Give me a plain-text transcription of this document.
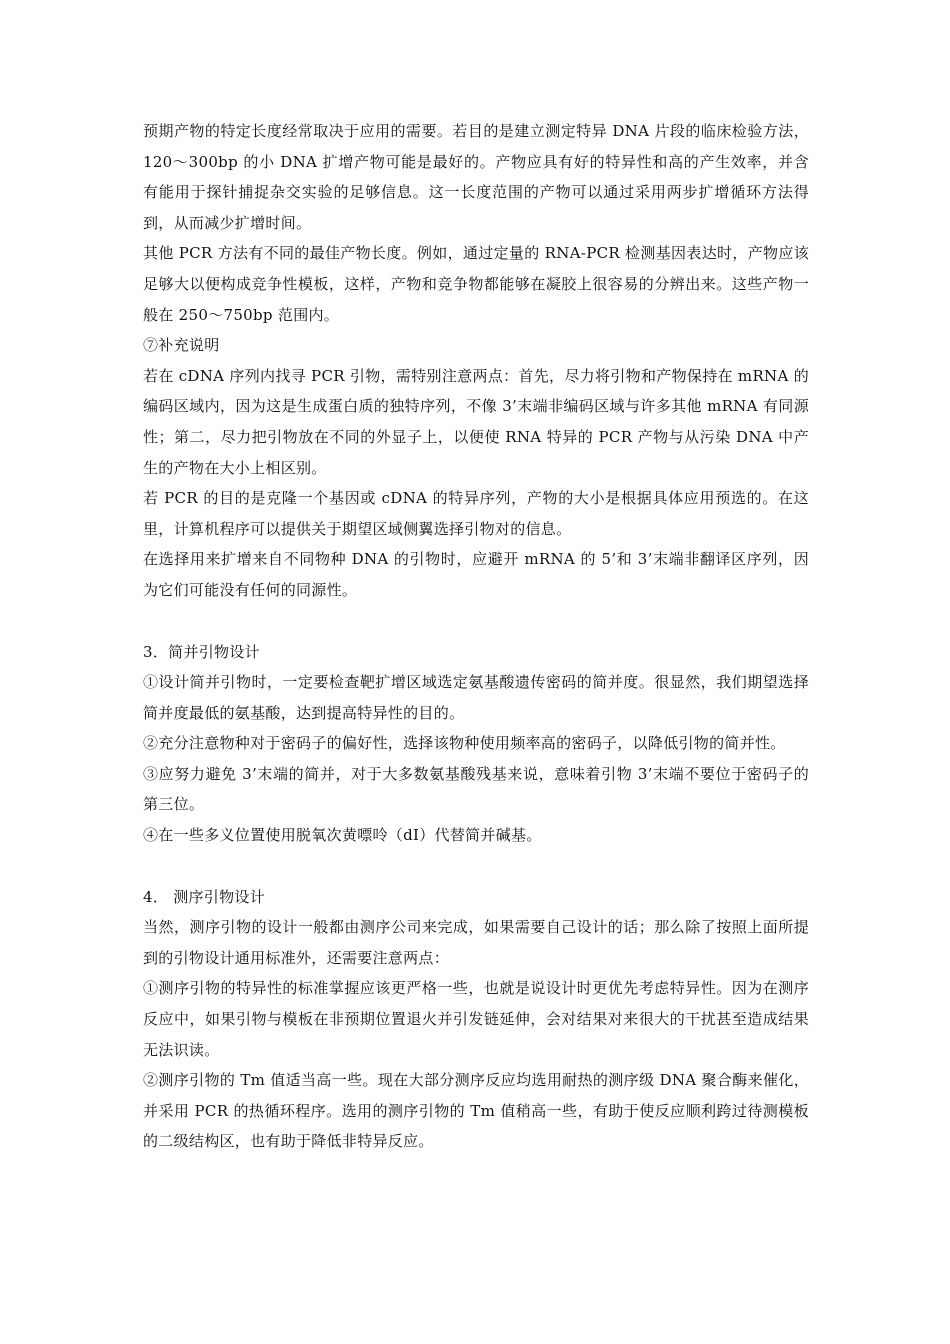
预期产物的特定长度经常取决于应用的需要。若目的是建立测定特异 DNA 片段的临床检验方法，120～300bp 的小 DNA 扩增产物可能是最好的。产物应具有好的特异性和高的产生效率，并含有能用于探针捕捉杂交实验的足够信息。这一长度范围的产物可以通过采用两步扩增循环方法得到，从而减少扩增时间。

其他 PCR 方法有不同的最佳产物长度。例如，通过定量的 RNA-PCR 检测基因表达时，产物应该足够大以便构成竞争性模板，这样，产物和竞争物都能够在凝胶上很容易的分辨出来。这些产物一般在 250～750bp 范围内。

⑦补充说明

若在 cDNA 序列内找寻 PCR 引物，需特别注意两点：首先，尽力将引物和产物保持在 mRNA 的编码区域内，因为这是生成蛋白质的独特序列，不像 3’末端非编码区域与许多其他 mRNA 有同源性；第二，尽力把引物放在不同的外显子上，以便使 RNA 特异的 PCR 产物与从污染 DNA 中产生的产物在大小上相区别。

若 PCR 的目的是克隆一个基因或 cDNA 的特异序列，产物的大小是根据具体应用预选的。在这里，计算机程序可以提供关于期望区域侧翼选择引物对的信息。

在选择用来扩增来自不同物种 DNA 的引物时，应避开 mRNA 的 5’和 3’末端非翻译区序列，因为它们可能没有任何的同源性。

3．简并引物设计

①设计简并引物时，一定要检查靶扩增区域选定氨基酸遗传密码的简并度。很显然，我们期望选择简并度最低的氨基酸，达到提高特异性的目的。

②充分注意物种对于密码子的偏好性，选择该物种使用频率高的密码子，以降低引物的简并性。

③应努力避免 3’末端的简并，对于大多数氨基酸残基来说，意味着引物 3’末端不要位于密码子的第三位。

④在一些多义位置使用脱氧次黄嘌呤（dI）代替简并碱基。

4． 测序引物设计

当然，测序引物的设计一般都由测序公司来完成，如果需要自己设计的话；那么除了按照上面所提到的引物设计通用标准外，还需要注意两点：

①测序引物的特异性的标准掌握应该更严格一些，也就是说设计时更优先考虑特异性。因为在测序反应中，如果引物与模板在非预期位置退火并引发链延伸，会对结果对来很大的干扰甚至造成结果无法识读。

②测序引物的 Tm 值适当高一些。现在大部分测序反应均选用耐热的测序级 DNA 聚合酶来催化，并采用 PCR 的热循环程序。选用的测序引物的 Tm 值稍高一些，有助于使反应顺利跨过待测模板的二级结构区，也有助于降低非特异反应。
